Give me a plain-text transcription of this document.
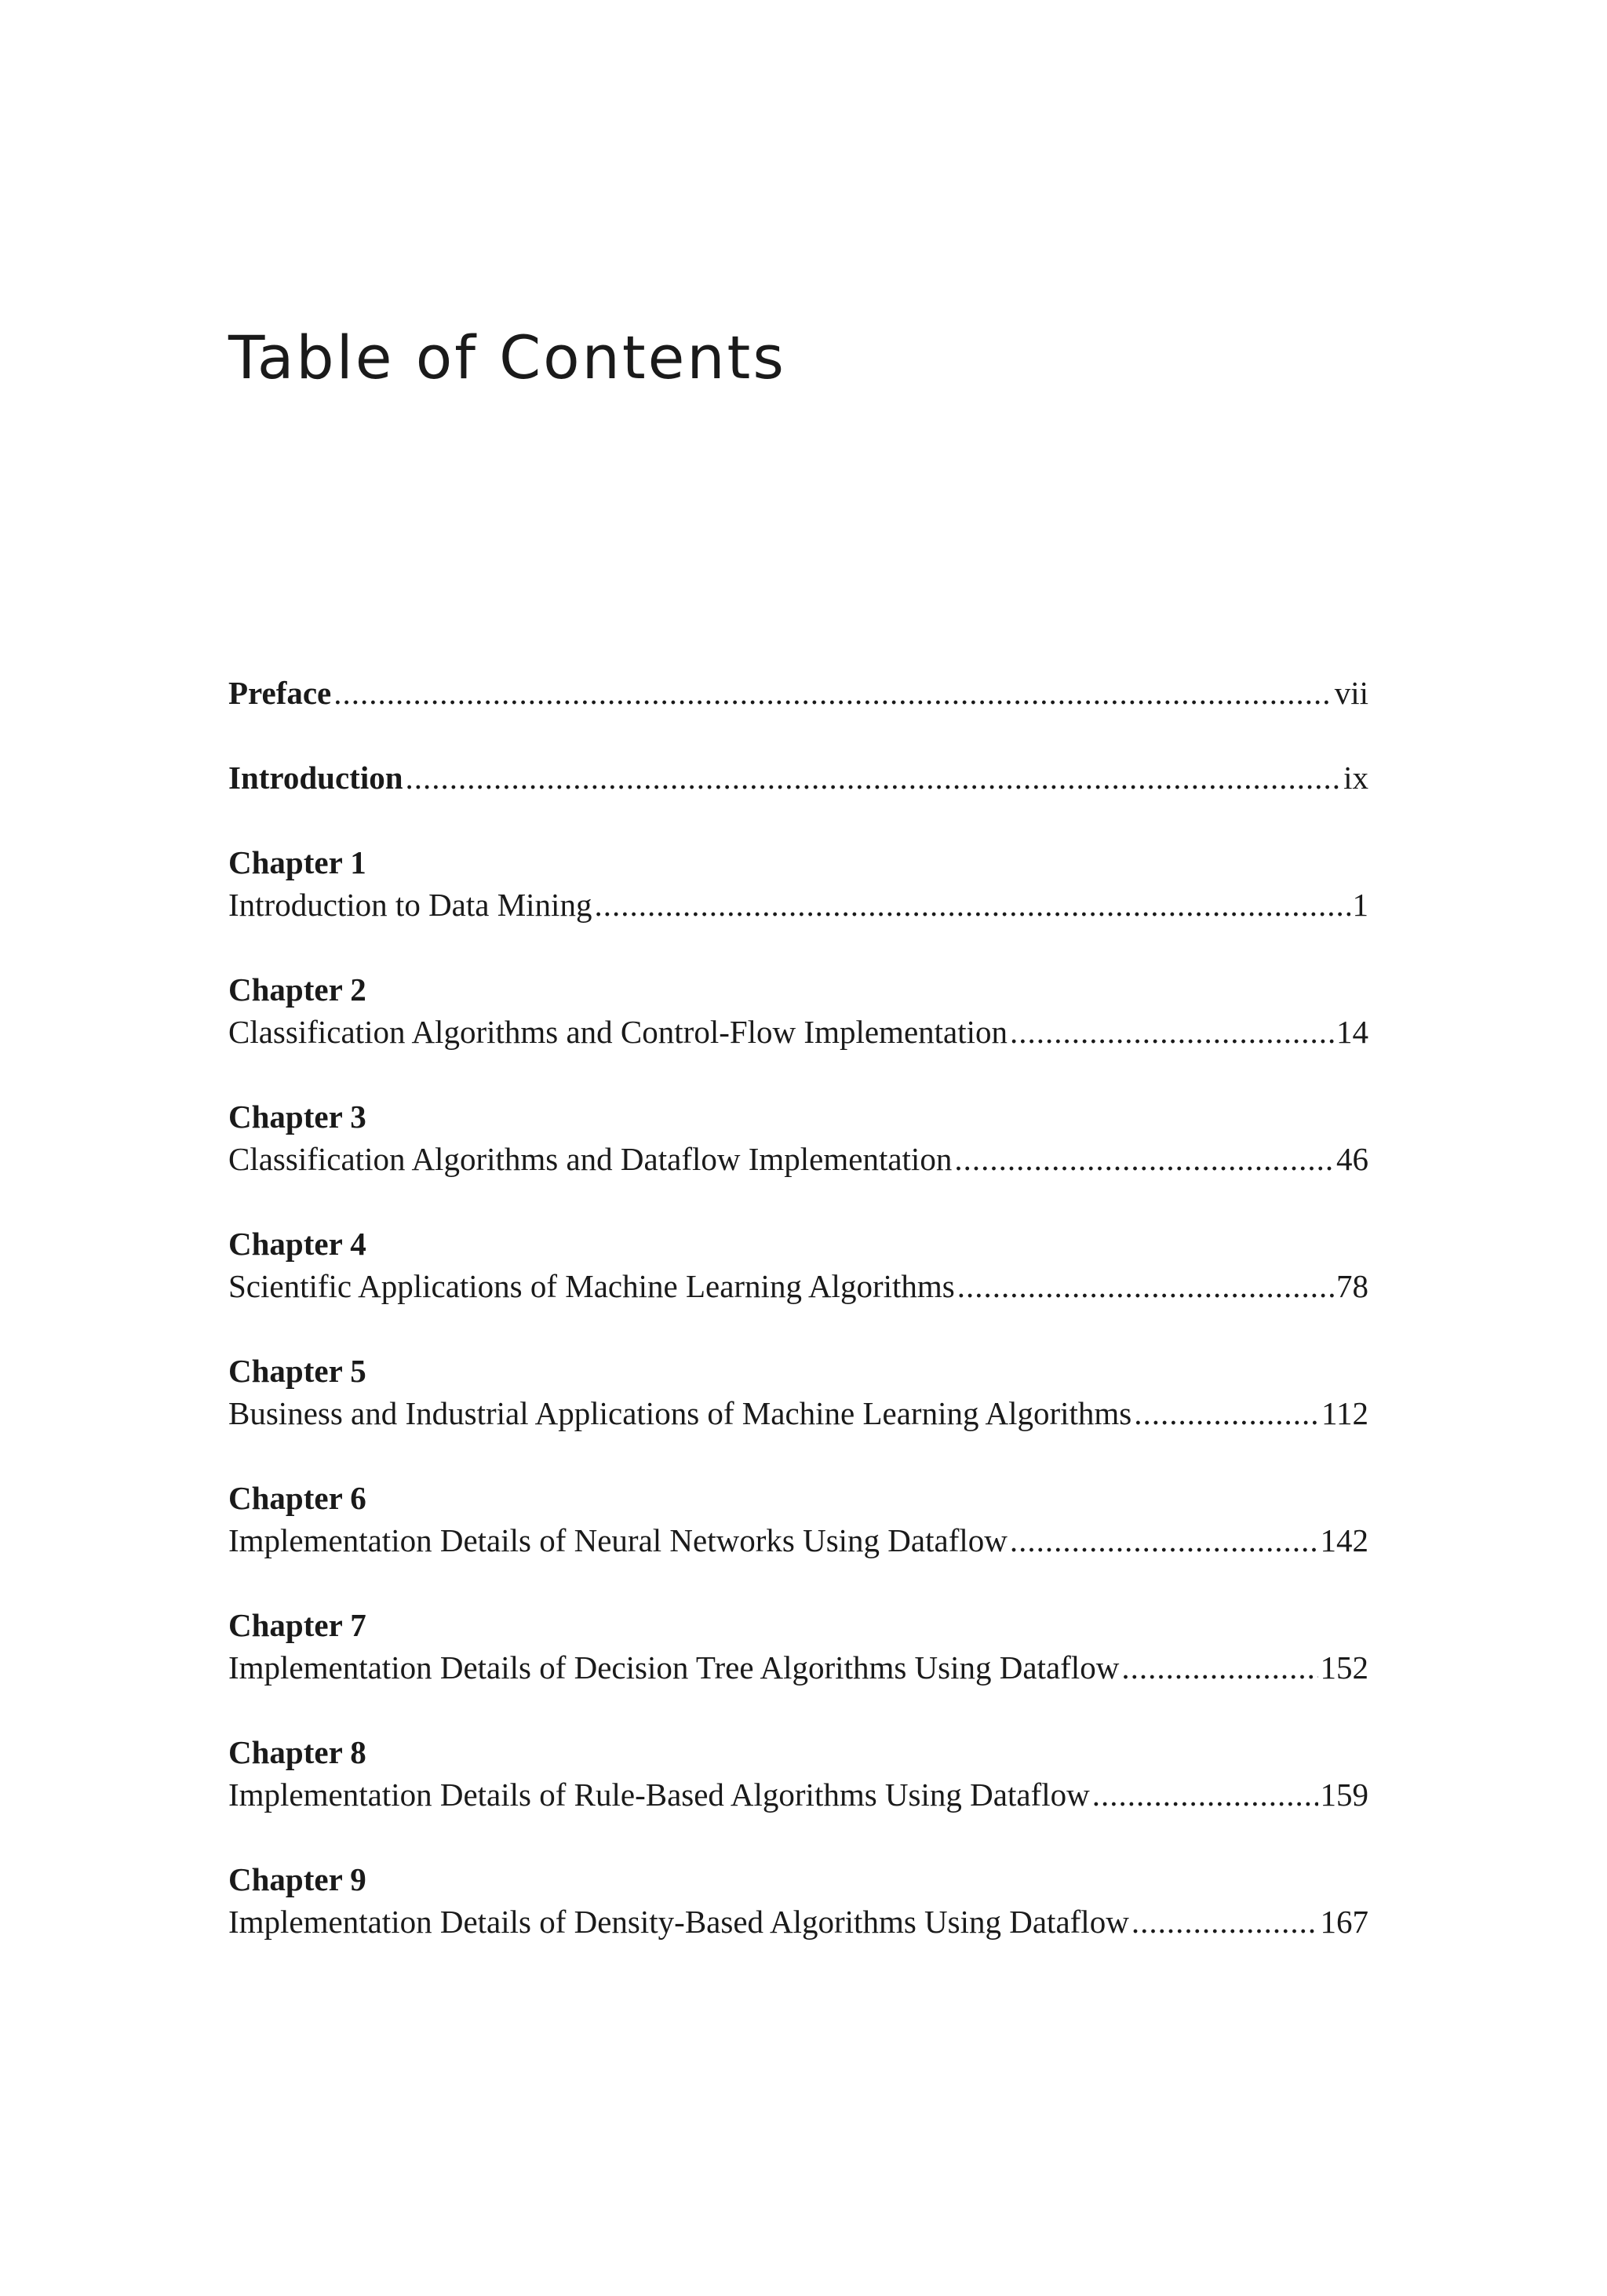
Table of Contents
Preface .....	vii
Introduction .....	ix
Chapter 1
Introduction to Data Mining .....	1
Chapter 2
Classification Algorithms and Control-Flow Implementation .....	14
Chapter 3
Classification Algorithms and Dataflow Implementation .....	46
Chapter 4
Scientific Applications of Machine Learning Algorithms .....	78
Chapter 5
Business and Industrial Applications of Machine Learning Algorithms .....	112
Chapter 6
Implementation Details of Neural Networks Using Dataflow .....	142
Chapter 7
Implementation Details of Decision Tree Algorithms Using Dataflow .....	152
Chapter 8
Implementation Details of Rule-Based Algorithms Using Dataflow .....	159
Chapter 9
Implementation Details of Density-Based Algorithms Using Dataflow .....	167
